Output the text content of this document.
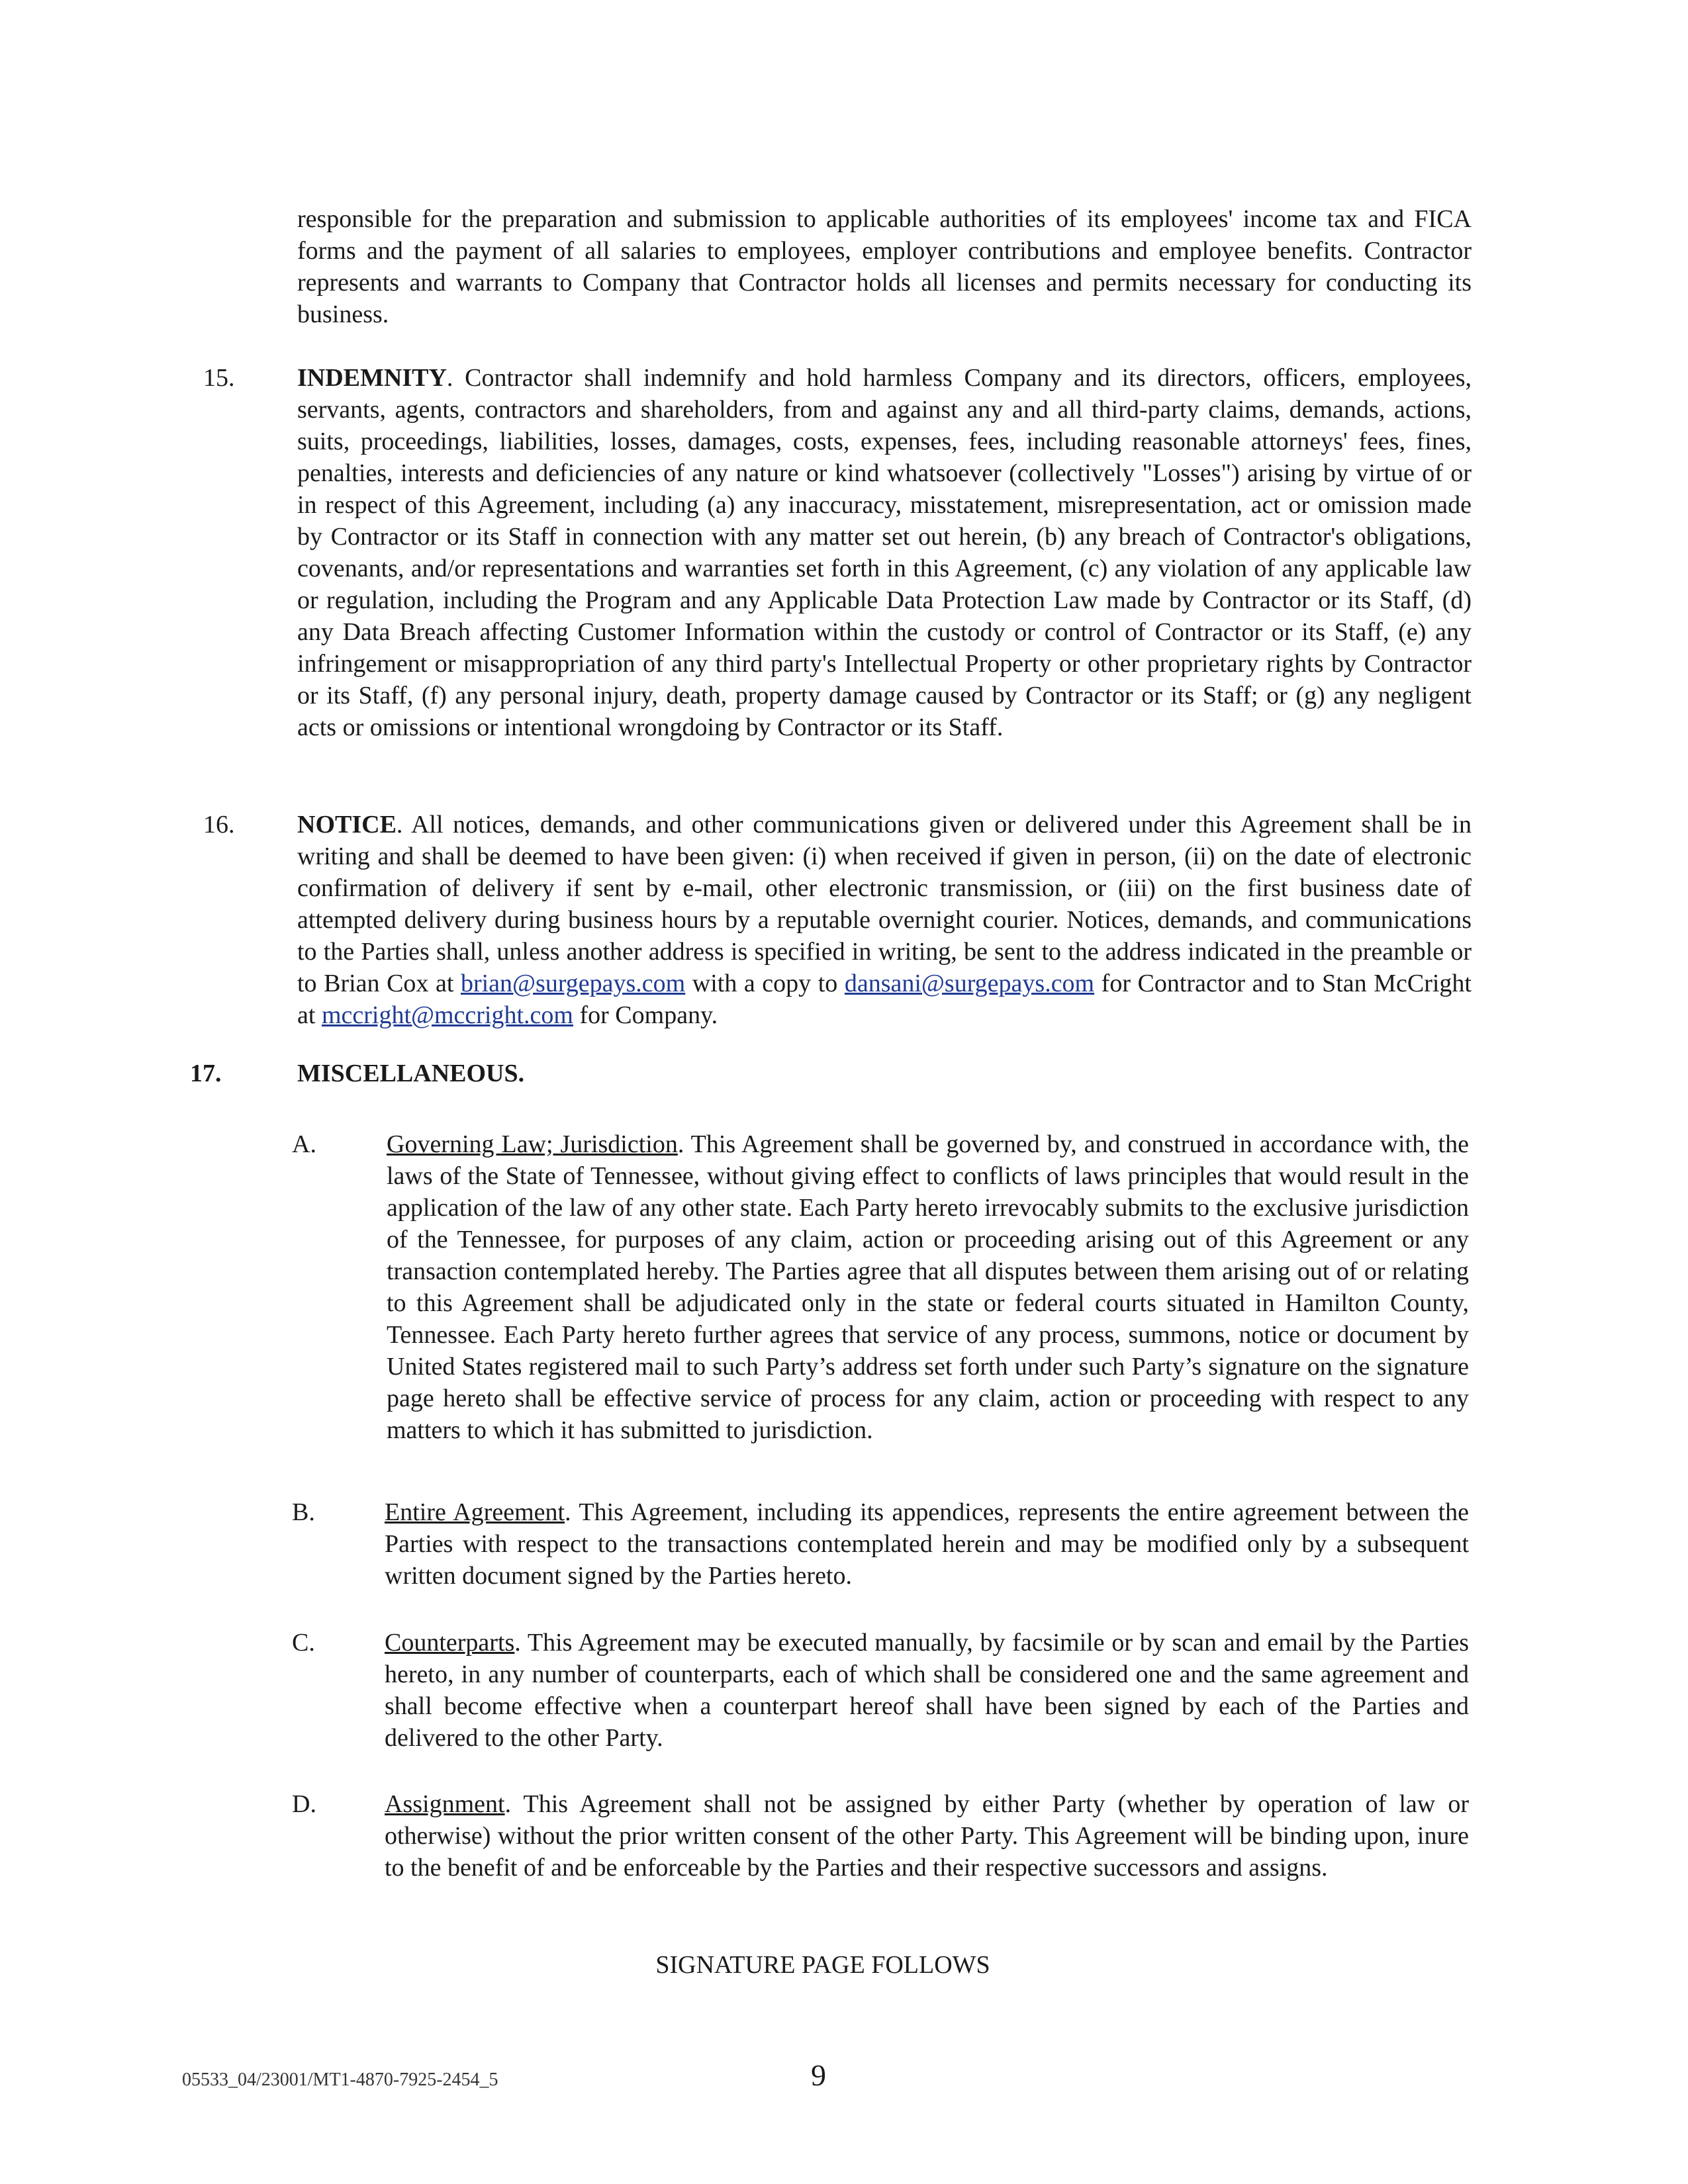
responsible for the preparation and submission to applicable authorities of its employees' income tax and FICA forms and the payment of all salaries to employees, employer contributions and employee benefits. Contractor represents and warrants to Company that Contractor holds all licenses and permits necessary for conducting its business.

15. INDEMNITY. Contractor shall indemnify and hold harmless Company and its directors, officers, employees, servants, agents, contractors and shareholders, from and against any and all third-party claims, demands, actions, suits, proceedings, liabilities, losses, damages, costs, expenses, fees, including reasonable attorneys' fees, fines, penalties, interests and deficiencies of any nature or kind whatsoever (collectively "Losses") arising by virtue of or in respect of this Agreement, including (a) any inaccuracy, misstatement, misrepresentation, act or omission made by Contractor or its Staff in connection with any matter set out herein, (b) any breach of Contractor's obligations, covenants, and/or representations and warranties set forth in this Agreement, (c) any violation of any applicable law or regulation, including the Program and any Applicable Data Protection Law made by Contractor or its Staff, (d) any Data Breach affecting Customer Information within the custody or control of Contractor or its Staff, (e) any infringement or misappropriation of any third party's Intellectual Property or other proprietary rights by Contractor or its Staff, (f) any personal injury, death, property damage caused by Contractor or its Staff; or (g) any negligent acts or omissions or intentional wrongdoing by Contractor or its Staff.

16. NOTICE. All notices, demands, and other communications given or delivered under this Agreement shall be in writing and shall be deemed to have been given: (i) when received if given in person, (ii) on the date of electronic confirmation of delivery if sent by e-mail, other electronic transmission, or (iii) on the first business date of attempted delivery during business hours by a reputable overnight courier. Notices, demands, and communications to the Parties shall, unless another address is specified in writing, be sent to the address indicated in the preamble or to Brian Cox at brian@surgepays.com with a copy to dansani@surgepays.com for Contractor and to Stan McCright at mccright@mccright.com for Company.

17.	MISCELLANEOUS.

A.	Governing Law; Jurisdiction. This Agreement shall be governed by, and construed in accordance with, the laws of the State of Tennessee, without giving effect to conflicts of laws principles that would result in the application of the law of any other state. Each Party hereto irrevocably submits to the exclusive jurisdiction of the Tennessee, for purposes of any claim, action or proceeding arising out of this Agreement or any transaction contemplated hereby. The Parties agree that all disputes between them arising out of or relating to this Agreement shall be adjudicated only in the state or federal courts situated in Hamilton County, Tennessee. Each Party hereto further agrees that service of any process, summons, notice or document by United States registered mail to such Party’s address set forth under such Party’s signature on the signature page hereto shall be effective service of process for any claim, action or proceeding with respect to any matters to which it has submitted to jurisdiction.

B.	Entire Agreement. This Agreement, including its appendices, represents the entire agreement between the Parties with respect to the transactions contemplated herein and may be modified only by a subsequent written document signed by the Parties hereto.

C.	Counterparts. This Agreement may be executed manually, by facsimile or by scan and email by the Parties hereto, in any number of counterparts, each of which shall be considered one and the same agreement and shall become effective when a counterpart hereof shall have been signed by each of the Parties and delivered to the other Party.

D.	Assignment. This Agreement shall not be assigned by either Party (whether by operation of law or otherwise) without the prior written consent of the other Party. This Agreement will be binding upon, inure to the benefit of and be enforceable by the Parties and their respective successors and assigns.

SIGNATURE PAGE FOLLOWS
05533_04/23001/MT1-4870-7925-2454_5	9
